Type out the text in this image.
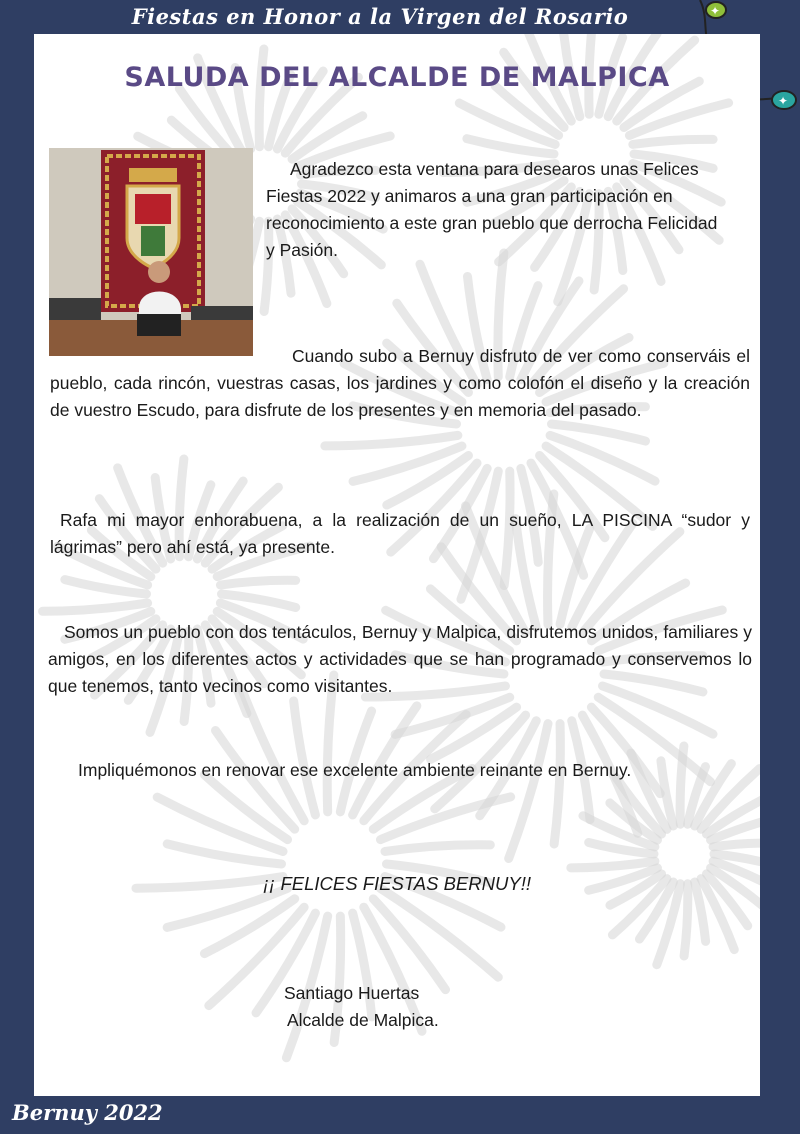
Fiestas en Honor a la Virgen del Rosario	✦
✦
SALUDA DEL ALCALDE DE MALPICA
Agradezco esta ventana para desearos unas Felices Fiestas 2022 y animaros a una gran participación en reconocimiento a este gran pueblo que derrocha Felicidad y Pasión.
Cuando subo a Bernuy disfruto de ver como conserváis el pueblo, cada rincón, vuestras casas, los jardines y como colofón el diseño y la creación de vuestro Escudo, para disfrute de los presentes y en memoria del pasado.
Rafa mi mayor enhorabuena, a la realización de un sueño, LA PISCINA “sudor y lágrimas” pero ahí está, ya presente.
Somos un pueblo con dos tentáculos, Bernuy y Malpica, disfrutemos unidos, familiares y amigos, en los diferentes actos y actividades que se han programado y conservemos lo que tenemos, tanto vecinos como visitantes.
Impliquémonos en renovar ese excelente ambiente reinante en Bernuy.
¡¡ FELICES FIESTAS BERNUY!!
Santiago Huertas
Alcalde de Malpica.
Bernuy 2022
